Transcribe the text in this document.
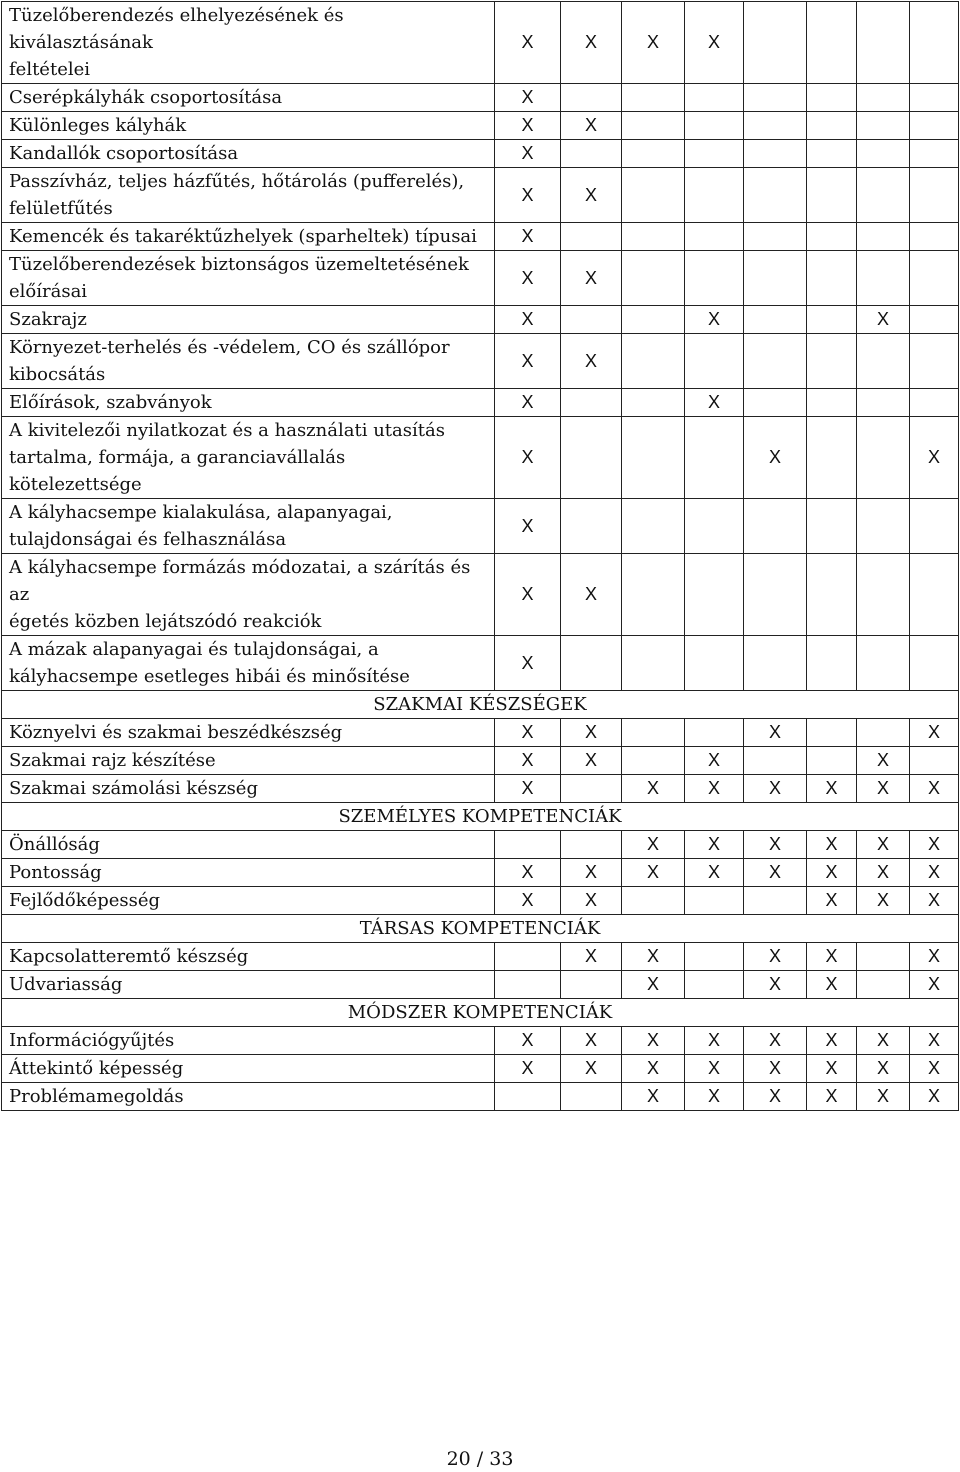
Tüzelőberendezés elhelyezésének és kiválasztásának
feltételei	X	X	X	X				
Cserépkályhák csoportosítása	X							
Különleges kályhák	X	X						
Kandallók csoportosítása	X							
Passzívház, teljes házfűtés, hőtárolás (pufferelés),
felületfűtés	X	X						
Kemencék és takaréktűzhelyek (sparheltek) típusai	X							
Tüzelőberendezések biztonságos üzemeltetésének
előírásai	X	X						
Szakrajz	X			X			X	
Környezet-terhelés és -védelem, CO és szállópor
kibocsátás	X	X						
Előírások, szabványok	X			X				
A kivitelezői nyilatkozat és a használati utasítás
tartalma, formája, a garanciavállalás
kötelezettsége	X				X			X
A kályhacsempe kialakulása, alapanyagai,
tulajdonságai és felhasználása	X							
A kályhacsempe formázás módozatai, a szárítás és az
égetés közben lejátszódó reakciók	X	X						
A mázak alapanyagai és tulajdonságai, a
kályhacsempe esetleges hibái és minősítése	X							
SZAKMAI KÉSZSÉGEK								
Köznyelvi és szakmai beszédkészség	X	X			X			X
Szakmai rajz készítése	X	X		X			X	
Szakmai számolási készség	X		X	X	X	X	X	X
SZEMÉLYES KOMPETENCIÁK								
Önállóság			X	X	X	X	X	X
Pontosság	X	X	X	X	X	X	X	X
Fejlődőképesség	X	X				X	X	X
TÁRSAS KOMPETENCIÁK								
Kapcsolatteremtő készség		X	X		X	X		X
Udvariasság			X		X	X		X
MÓDSZER KOMPETENCIÁK								
Információgyűjtés	X	X	X	X	X	X	X	X
Áttekintő képesség	X	X	X	X	X	X	X	X
Problémamegoldás			X	X	X	X	X	X
20 / 33
